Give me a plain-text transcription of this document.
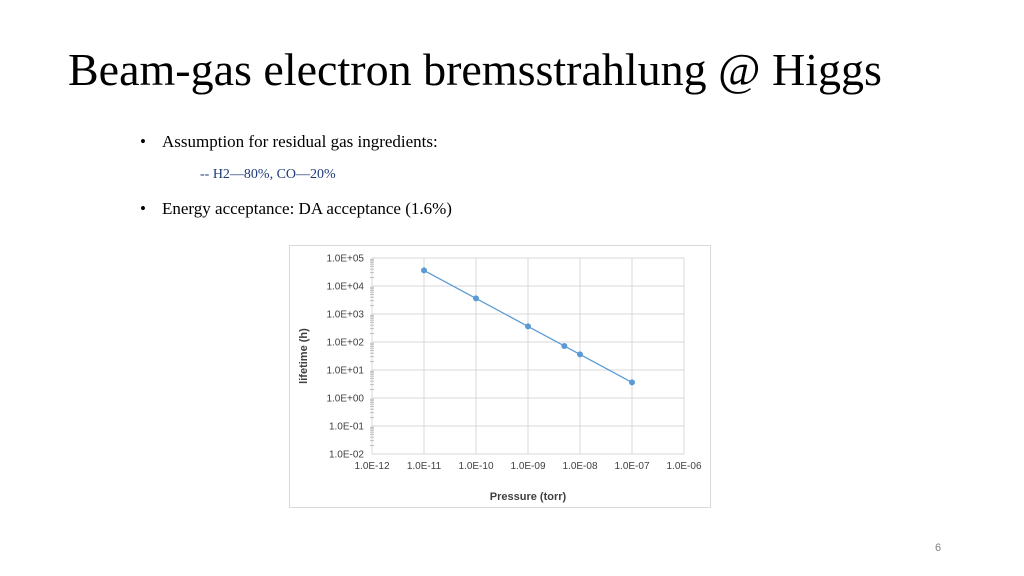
Beam-gas electron bremsstrahlung @ Higgs
• Assumption for residual gas ingredients:
-- H2—80%, CO—20%
• Energy acceptance: DA acceptance (1.6%)
1.0E+05
1.0E+04
1.0E+03
1.0E+02
1.0E+01
1.0E+00
1.0E-01
1.0E-02
1.0E-12 1.0E-11 1.0E-10 1.0E-09 1.0E-08 1.0E-07 1.0E-06
Pressure (torr)
lifetime (h)
6
